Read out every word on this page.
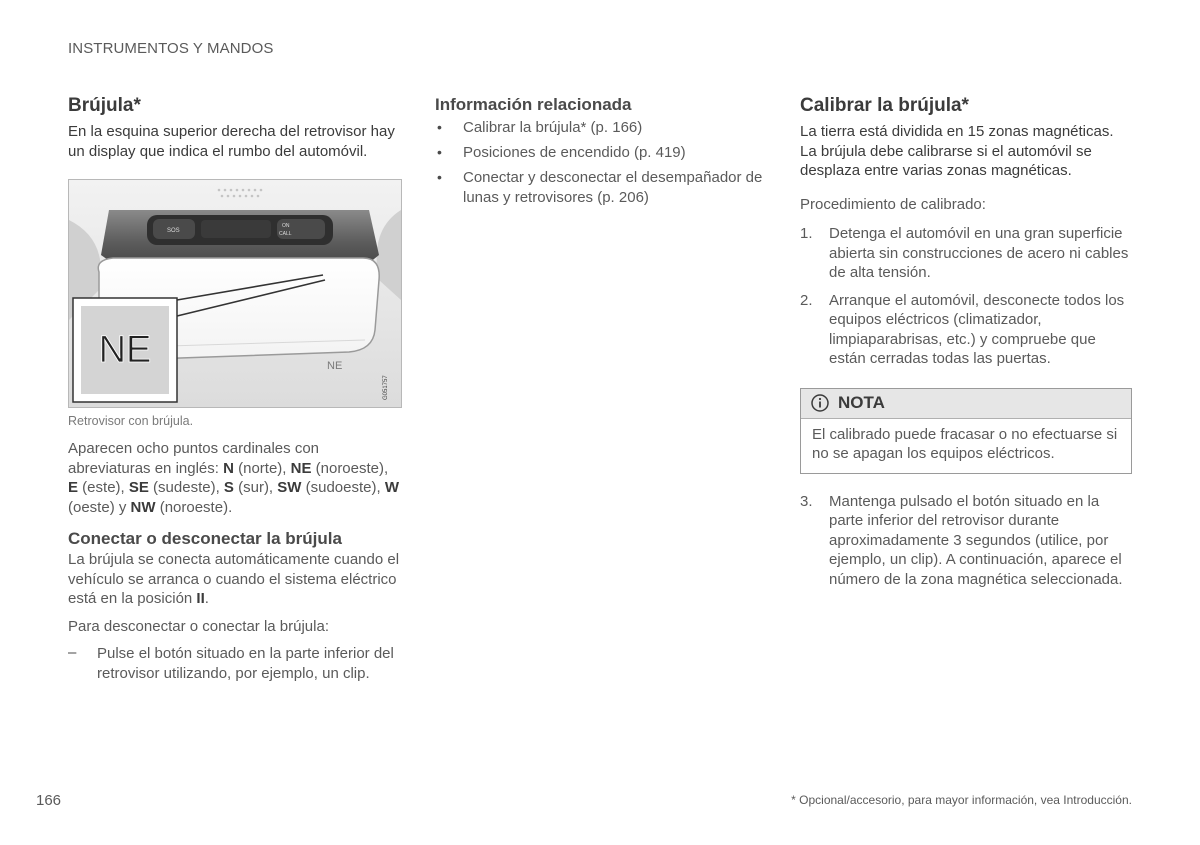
INSTRUMENTOS Y MANDOS
Brújula*

En la esquina superior derecha del retrovisor hay un display que indica el rumbo del automóvil.

SOS
ON
CALL
NE
NE
G051757
Retrovisor con brújula.

Aparecen ocho puntos cardinales con abreviaturas en inglés: N (norte), NE (noroeste), E (este), SE (sudeste), S (sur), SW (sudoeste), W (oeste) y NW (noroeste).

Conectar o desconectar la brújula

La brújula se conecta automáticamente cuando el vehículo se arranca o cuando el sistema eléctrico está en la posición II.

Para desconectar o conectar la brújula:

– Pulse el botón situado en la parte inferior del retrovisor utilizando, por ejemplo, un clip.

Información relacionada
• Calibrar la brújula* (p. 166)
• Posiciones de encendido (p. 419)
• Conectar y desconectar el desempañador de lunas y retrovisores (p. 206)
Calibrar la brújula*

La tierra está dividida en 15 zonas magnéticas. La brújula debe calibrarse si el automóvil se desplaza entre varias zonas magnéticas.

Procedimiento de calibrado:

1. Detenga el automóvil en una gran superficie abierta sin construcciones de acero ni cables de alta tensión.
2. Arranque el automóvil, desconecte todos los equipos eléctricos (climatizador, limpiaparabrisas, etc.) y compruebe que están cerradas todas las puertas.
NOTA

El calibrado puede fracasar o no efectuarse si no se apagan los equipos eléctricos.

3. Mantenga pulsado el botón situado en la parte inferior del retrovisor durante aproximadamente 3 segundos (utilice, por ejemplo, un clip). A continuación, aparece el número de la zona magnética seleccionada.
166	* Opcional/accesorio, para mayor información, vea Introducción.
